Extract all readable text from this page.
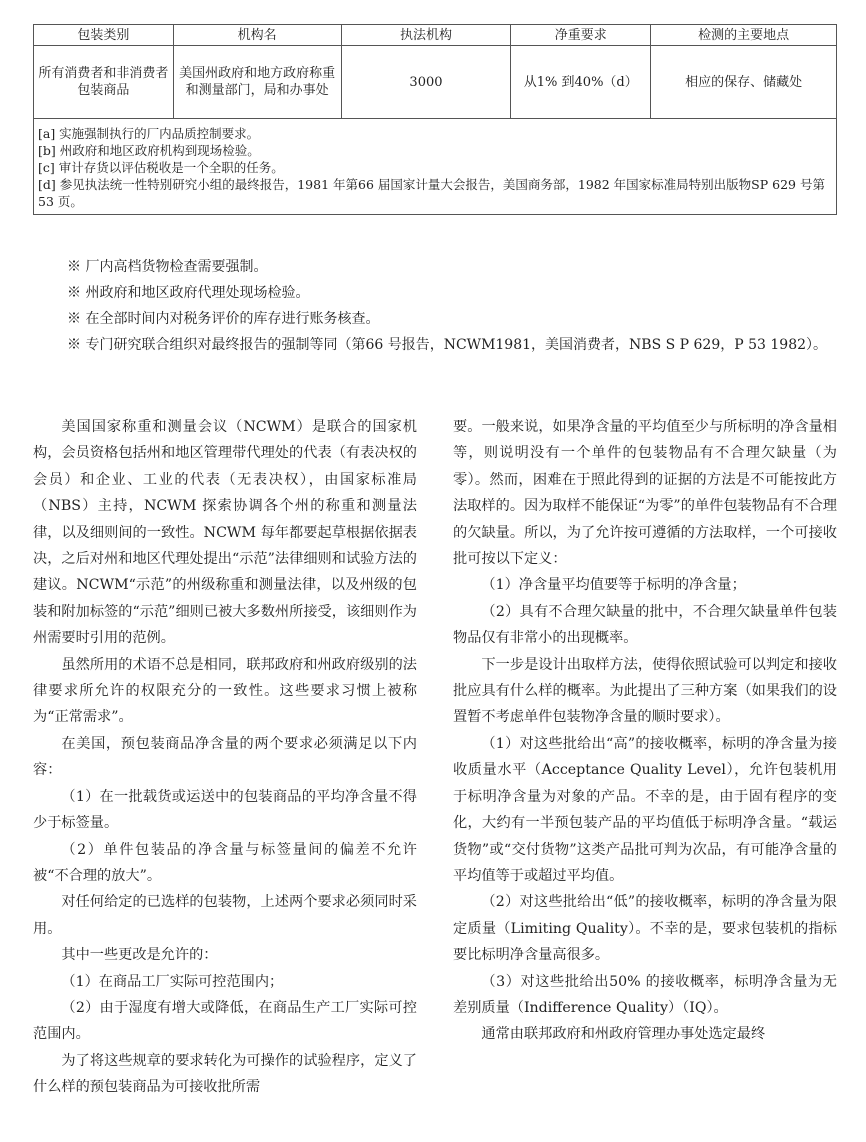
包装类别	机构名	执法机构	净重要求	检测的主要地点
所有消费者和非消费者包装商品	美国州政府和地方政府称重和测量部门，局和办事处	3000	从1% 到40%（d）	相应的保存、储藏处

[a] 实施强制执行的厂内品质控制要求。
[b] 州政府和地区政府机构到现场检验。
[c] 审计存货以评估税收是一个全职的任务。
[d] 参见执法统一性特别研究小组的最终报告，1981 年第66 届国家计量大会报告，美国商务部，1982 年国家标准局特别出版物SP 629 号第53 页。				
※ 厂内高档货物检查需要强制。
※ 州政府和地区政府代理处现场检验。
※ 在全部时间内对税务评价的库存进行账务核查。
※ 专门研究联合组织对最终报告的强制等同（第66 号报告，NCWM1981，美国消费者，NBS S P 629，P 53 1982）。

美国国家称重和测量会议（NCWM）是联合的国家机构，会员资格包括州和地区管理带代理处的代表（有表决权的会员）和企业、工业的代表（无表决权），由国家标准局（NBS）主持，NCWM 探索协调各个州的称重和测量法律，以及细则间的一致性。NCWM 每年都要起草根据依据表决，之后对州和地区代理处提出“示范”法律细则和试验方法的建议。NCWM“示范”的州级称重和测量法律，以及州级的包装和附加标签的“示范”细则已被大多数州所接受，该细则作为州需要时引用的范例。

虽然所用的术语不总是相同，联邦政府和州政府级别的法律要求所允许的权限充分的一致性。这些要求习惯上被称为“正常需求”。

在美国，预包装商品净含量的两个要求必须满足以下内容：

（1）在一批载货或运送中的包装商品的平均净含量不得少于标签量。

（2）单件包装品的净含量与标签量间的偏差不允许被“不合理的放大”。

对任何给定的已选样的包装物，上述两个要求必须同时采用。

其中一些更改是允许的：

（1）在商品工厂实际可控范围内；

（2）由于湿度有增大或降低，在商品生产工厂实际可控范围内。

为了将这些规章的要求转化为可操作的试验程序，定义了什么样的预包装商品为可接收批所需

要。一般来说，如果净含量的平均值至少与所标明的净含量相等，则说明没有一个单件的包装物品有不合理欠缺量（为零）。然而，困难在于照此得到的证据的方法是不可能按此方法取样的。因为取样不能保证“为零”的单件包装物品有不合理的欠缺量。所以，为了允许按可遵循的方法取样，一个可接收批可按以下定义：

（1）净含量平均值要等于标明的净含量；

（2）具有不合理欠缺量的批中，不合理欠缺量单件包装物品仅有非常小的出现概率。

下一步是设计出取样方法，使得依照试验可以判定和接收批应具有什么样的概率。为此提出了三种方案（如果我们的设置暂不考虑单件包装物净含量的顺时要求）。

（1）对这些批给出“高”的接收概率，标明的净含量为接收质量水平（Acceptance Quality Level），允许包装机用于标明净含量为对象的产品。不幸的是，由于固有程序的变化，大约有一半预包装产品的平均值低于标明净含量。“载运货物”或“交付货物”这类产品批可判为次品，有可能净含量的平均值等于或超过平均值。

（2）对这些批给出“低”的接收概率，标明的净含量为限定质量（Limiting Quality）。不幸的是，要求包装机的指标要比标明净含量高很多。

（3）对这些批给出50% 的接收概率，标明净含量为无差别质量（Indifference Quality）（IQ）。

通常由联邦政府和州政府管理办事处选定最终
